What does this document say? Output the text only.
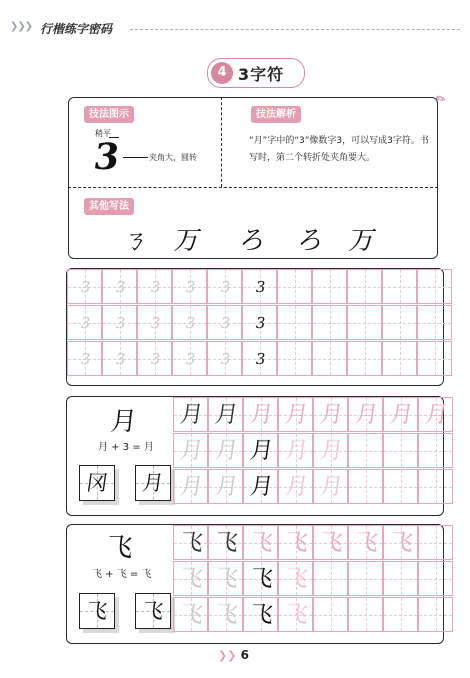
❯❯❯ 行楷练字密码
4 3字符
✎
技法图示
稍平
3	夹角大，圆转
技法解析
“月”字中的“3”像数字3，可以写成3字符。书写时，第二个转折处夹角要大。
其他写法
ㄋ 万 ろ ろ 万
3	3	3	3	3	3
3	3	3	3	3	3
3	3	3	3	3	3
月
月 + 3 = 月
冈	月
月 月 月 月 月 月 月 月
月 月 月 月 月
月 月 月 月 月
飞
飞 + 飞 = 飞
飞	飞
飞 飞 飞 飞 飞 飞 飞
飞 飞 飞 飞
飞 飞 飞 飞
❯❯ 6
